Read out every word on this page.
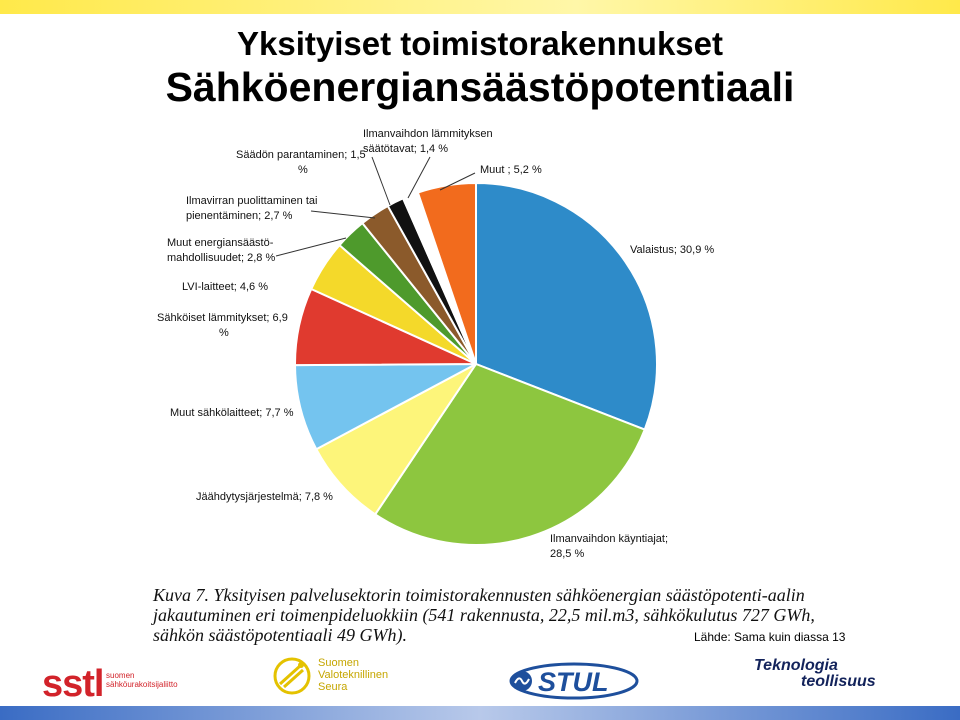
Yksityiset toimistorakennukset
Sähköenergiansäästöpotentiaali
Valaistus; 30,9 %
Ilmanvaihdon käyntiajat; 28,5 %
Jäähdytysjärjestelmä; 7,8 %
Muut sähkölaitteet; 7,7 %
Sähköiset lämmitykset; 6,9 %
LVI-laitteet; 4,6 %
Muut energiansäästö-mahdollisuudet; 2,8 %
Ilmavirran puolittaminen tai pienentäminen; 2,7 %
Säädön parantaminen; 1,5 %
Ilmanvaihdon lämmityksen säätötavat; 1,4 %
Muut ; 5,2 %

Kuva 7. Yksityisen palvelusektorin toimistorakennusten sähköenergian säästöpotenti-aalin jakautuminen eri toimenpideluokkiin (541 rakennusta, 22,5 mil.m3, sähkökulutus 727 GWh, sähkön säästöpotentiaali 49 GWh).	Lähde: Sama kuin diassa 13
sstl suomen sähköurakoitsijaliitto
Suomen
Valoteknillinen
Seura	STUL
Teknologia
teollisuus
